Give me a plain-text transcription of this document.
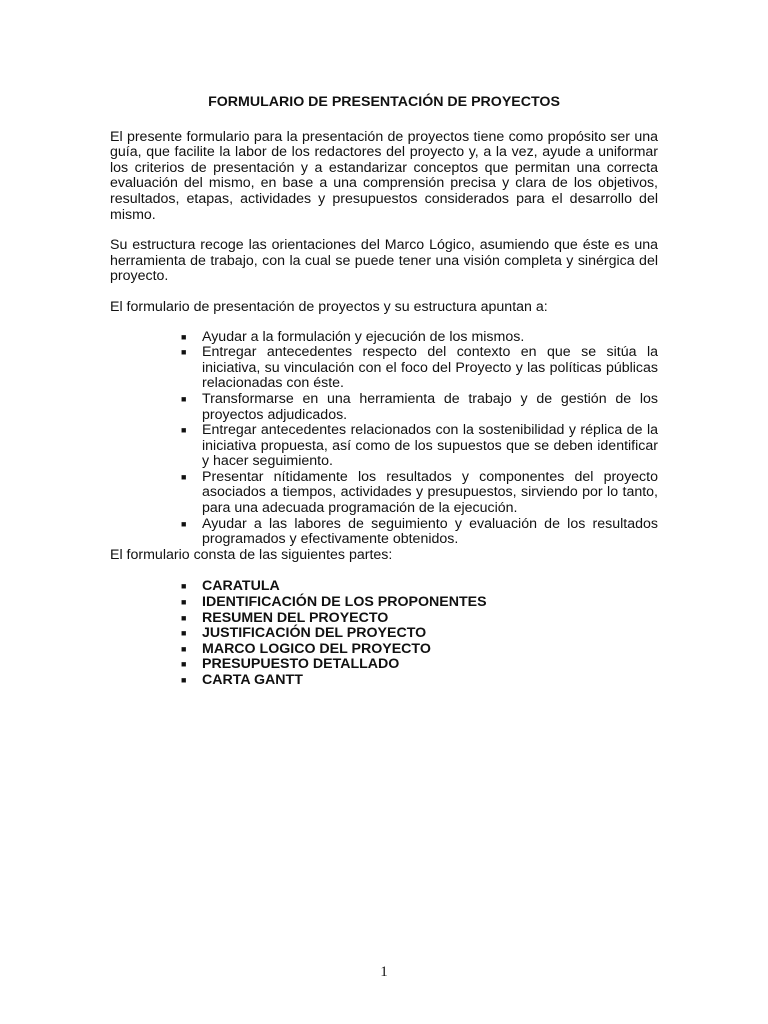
FORMULARIO DE PRESENTACIÓN DE PROYECTOS

El presente formulario para la presentación de proyectos tiene como propósito ser una guía, que facilite la labor de los redactores del proyecto y, a la vez, ayude a uniformar los criterios de presentación y a estandarizar conceptos que permitan una correcta evaluación del mismo, en base a una comprensión precisa y clara de los objetivos, resultados, etapas, actividades y presupuestos considerados para el desarrollo del mismo.

Su estructura recoge las orientaciones del Marco Lógico, asumiendo que éste es una herramienta de trabajo, con la cual se puede tener una visión completa y sinérgica del proyecto.

El formulario de presentación de proyectos y su estructura apuntan a:

■ Ayudar a la formulación y ejecución de los mismos.
■ Entregar antecedentes respecto del contexto en que se sitúa la iniciativa, su vinculación con el foco del Proyecto y las políticas públicas relacionadas con éste.
■ Transformarse en una herramienta de trabajo y de gestión de los proyectos adjudicados.
■ Entregar antecedentes relacionados con la sostenibilidad y réplica de la iniciativa propuesta, así como de los supuestos que se deben identificar y hacer seguimiento.
■ Presentar nítidamente los resultados y componentes del proyecto asociados a tiempos, actividades y presupuestos, sirviendo por lo tanto, para una adecuada programación de la ejecución.
■ Ayudar a las labores de seguimiento y evaluación de los resultados programados y efectivamente obtenidos.

El formulario consta de las siguientes partes:

■ CARATULA
■ IDENTIFICACIÓN DE LOS PROPONENTES
■ RESUMEN DEL PROYECTO
■ JUSTIFICACIÓN DEL PROYECTO
■ MARCO LOGICO DEL PROYECTO
■ PRESUPUESTO DETALLADO
■ CARTA GANTT
1
